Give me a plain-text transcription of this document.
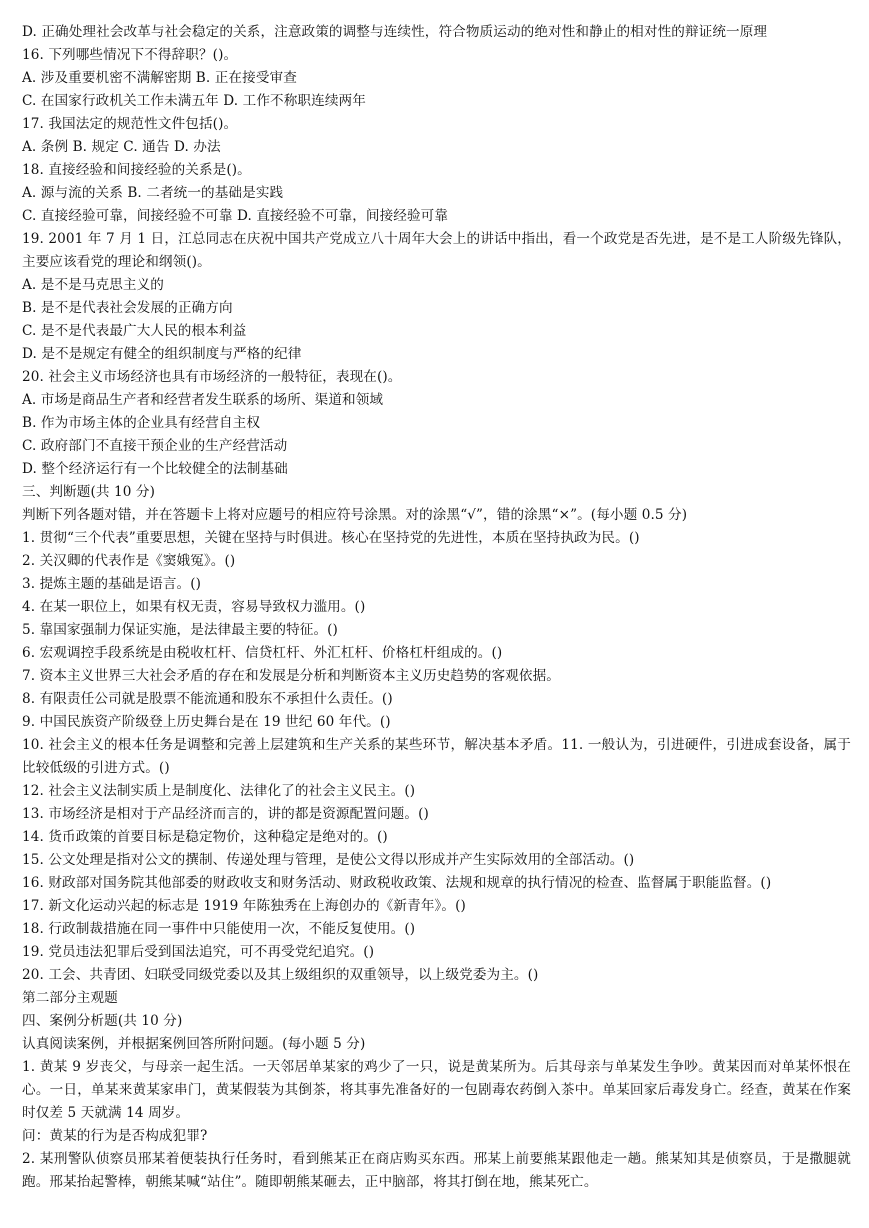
D. 正确处理社会改革与社会稳定的关系，注意政策的调整与连续性，符合物质运动的绝对性和静止的相对性的辩证统一原理

16. 下列哪些情况下不得辞职？()。

A. 涉及重要机密不满解密期 B. 正在接受审查

C. 在国家行政机关工作未满五年 D. 工作不称职连续两年

17. 我国法定的规范性文件包括()。

A. 条例 B. 规定 C. 通告 D. 办法

18. 直接经验和间接经验的关系是()。

A. 源与流的关系 B. 二者统一的基础是实践

C. 直接经验可靠，间接经验不可靠 D. 直接经验不可靠，间接经验可靠

19. 2001 年 7 月 1 日，江总同志在庆祝中国共产党成立八十周年大会上的讲话中指出，看一个政党是否先进，是不是工人阶级先锋队，主要应该看党的理论和纲领()。

A. 是不是马克思主义的

B. 是不是代表社会发展的正确方向

C. 是不是代表最广大人民的根本利益

D. 是不是规定有健全的组织制度与严格的纪律

20. 社会主义市场经济也具有市场经济的一般特征，表现在()。

A. 市场是商品生产者和经营者发生联系的场所、渠道和领域

B. 作为市场主体的企业具有经营自主权

C. 政府部门不直接干预企业的生产经营活动

D. 整个经济运行有一个比较健全的法制基础

三、判断题(共 10 分)

判断下列各题对错，并在答题卡上将对应题号的相应符号涂黑。对的涂黑“√”，错的涂黑“×”。(每小题 0.5 分)

1. 贯彻“三个代表”重要思想，关键在坚持与时俱进。核心在坚持党的先进性，本质在坚持执政为民。()

2. 关汉卿的代表作是《窦娥冤》。()

3. 提炼主题的基础是语言。()

4. 在某一职位上，如果有权无责，容易导致权力滥用。()

5. 靠国家强制力保证实施，是法律最主要的特征。()

6. 宏观调控手段系统是由税收杠杆、信贷杠杆、外汇杠杆、价格杠杆组成的。()

7. 资本主义世界三大社会矛盾的存在和发展是分析和判断资本主义历史趋势的客观依据。

8. 有限责任公司就是股票不能流通和股东不承担什么责任。()

9. 中国民族资产阶级登上历史舞台是在 19 世纪 60 年代。()

10. 社会主义的根本任务是调整和完善上层建筑和生产关系的某些环节，解决基本矛盾。11. 一般认为，引进硬件，引进成套设备，属于比较低级的引进方式。()

12. 社会主义法制实质上是制度化、法律化了的社会主义民主。()

13. 市场经济是相对于产品经济而言的，讲的都是资源配置问题。()

14. 货币政策的首要目标是稳定物价，这种稳定是绝对的。()

15. 公文处理是指对公文的撰制、传递处理与管理，是使公文得以形成并产生实际效用的全部活动。()

16. 财政部对国务院其他部委的财政收支和财务活动、财政税收政策、法规和规章的执行情况的检查、监督属于职能监督。()

17. 新文化运动兴起的标志是 1919 年陈独秀在上海创办的《新青年》。()

18. 行政制裁措施在同一事件中只能使用一次，不能反复使用。()

19. 党员违法犯罪后受到国法追究，可不再受党纪追究。()

20. 工会、共青团、妇联受同级党委以及其上级组织的双重领导，以上级党委为主。()

第二部分主观题

四、案例分析题(共 10 分)

认真阅读案例，并根据案例回答所附问题。(每小题 5 分)

1. 黄某 9 岁丧父，与母亲一起生活。一天邻居单某家的鸡少了一只，说是黄某所为。后其母亲与单某发生争吵。黄某因而对单某怀恨在心。一日，单某来黄某家串门，黄某假装为其倒茶，将其事先准备好的一包剧毒农药倒入茶中。单某回家后毒发身亡。经查，黄某在作案时仅差 5 天就满 14 周岁。

问：黄某的行为是否构成犯罪?

2. 某刑警队侦察员邢某着便装执行任务时，看到熊某正在商店购买东西。邢某上前要熊某跟他走一趟。熊某知其是侦察员，于是撒腿就跑。邢某抬起警棒，朝熊某喊“站住”。随即朝熊某砸去，正中脑部，将其打倒在地，熊某死亡。
